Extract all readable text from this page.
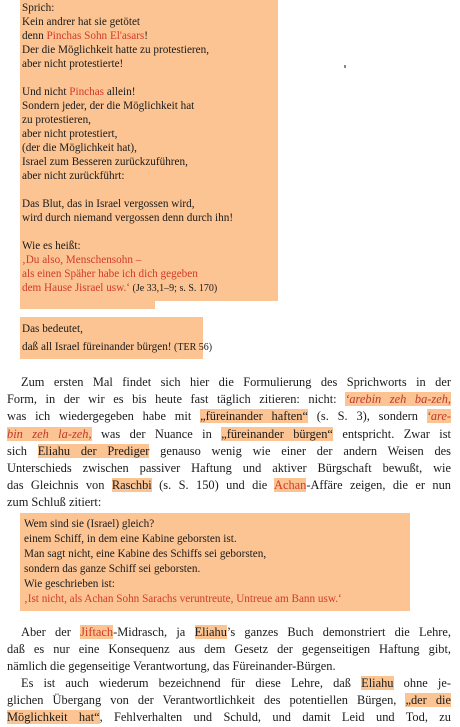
Sprich:
Kein andrer hat sie getötet
denn Pinchas Sohn El'asars!
Der die Möglichkeit hatte zu protestieren,
aber nicht protestierte!
Und nicht Pinchas allein!
Sondern jeder, der die Möglichkeit hat
zu protestieren,
aber nicht protestiert,
(der die Möglichkeit hat),
Israel zum Besseren zurückzuführen,
aber nicht zurückführt:
Das Blut, das in Israel vergossen wird,
wird durch niemand vergossen denn durch ihn!
Wie es heißt:
‚Du also, Menschensohn –
als einen Späher habe ich dich gegeben
dem Hause Jisrael usw.‘ (Je 33,1–9; s. S. 170)
Das bedeutet,
daß all Israel füreinander bürgen! (TER 56)
Zum ersten Mal findet sich hier die Formulierung des Sprichworts in der
Form, in der wir es bis heute fast täglich zitieren: nicht: ‘arebin zeh ba-zeh,
was ich wiedergegeben habe mit „füreinander haften“ (s. S. 3), sondern ‘are-
bin zeh la-zeh, was der Nuance in „füreinander bürgen“ entspricht. Zwar ist
sich Eliahu der Prediger genauso wenig wie einer der andern Weisen des
Unterschieds zwischen passiver Haftung und aktiver Bürgschaft bewußt, wie
das Gleichnis von Raschbi (s. S. 150) und die Achan-Affäre zeigen, die er nun
zum Schluß zitiert:
Wem sind sie (Israel) gleich?
einem Schiff, in dem eine Kabine geborsten ist.
Man sagt nicht, eine Kabine des Schiffs sei geborsten,
sondern das ganze Schiff sei geborsten.
Wie geschrieben ist:
‚Ist nicht, als Achan Sohn Sarachs veruntreute, Untreue am Bann usw.‘
Aber der Jiftach-Midrasch, ja Eliahu’s ganzes Buch demonstriert die Lehre,
daß es nur eine Konsequenz aus dem Gesetz der gegenseitigen Haftung gibt,
nämlich die gegenseitige Verantwortung, das Füreinander-Bürgen.
Es ist auch wiederum bezeichnend für diese Lehre, daß Eliahu ohne je-
glichen Übergang von der Verantwortlichkeit des potentiellen Bürgen, „der die
Möglichkeit hat“, Fehlverhalten und Schuld, und damit Leid und Tod, zu
